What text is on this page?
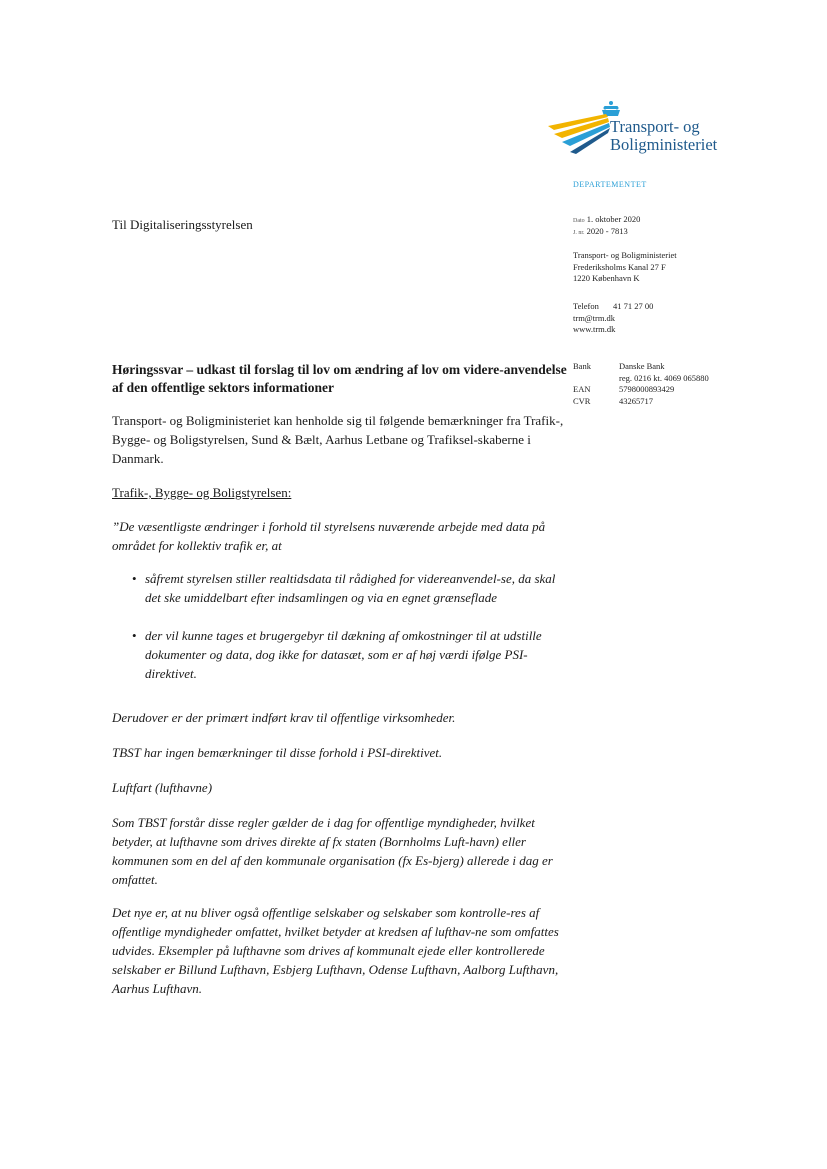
Transport- og
Boligministeriet
DEPARTEMENTET
Til Digitaliseringsstyrelsen	Dato 1. oktober 2020
J. nr. 2020 - 7813
Transport- og Boligministeriet
Frederiksholms Kanal 27 F
1220 København K
Telefon 41 71 27 00
trm@trm.dk
www.trm.dk
Bank	Danske Bank
reg. 0216 kt. 4069 065880
EAN	5798000893429
CVR	43265717
Høringssvar – udkast til forslag til lov om ændring af lov om videre-anvendelse af den offentlige sektors informationer
Transport- og Boligministeriet kan henholde sig til følgende bemærkninger fra Trafik-, Bygge- og Boligstyrelsen, Sund & Bælt, Aarhus Letbane og Trafiksel-skaberne i Danmark.
Trafik-, Bygge- og Boligstyrelsen:
”De væsentligste ændringer i forhold til styrelsens nuværende arbejde med data på området for kollektiv trafik er, at
• såfremt styrelsen stiller realtidsdata til rådighed for videreanvendel-se, da skal det ske umiddelbart efter indsamlingen og via en egnet grænseflade
• der vil kunne tages et brugergebyr til dækning af omkostninger til at udstille dokumenter og data, dog ikke for datasæt, som er af høj værdi ifølge PSI-direktivet.
Derudover er der primært indført krav til offentlige virksomheder.
TBST har ingen bemærkninger til disse forhold i PSI-direktivet.
Luftfart (lufthavne)
Som TBST forstår disse regler gælder de i dag for offentlige myndigheder, hvilket betyder, at lufthavne som drives direkte af fx staten (Bornholms Luft-havn) eller kommunen som en del af den kommunale organisation (fx Es-bjerg) allerede i dag er omfattet.
Det nye er, at nu bliver også offentlige selskaber og selskaber som kontrolle-res af offentlige myndigheder omfattet, hvilket betyder at kredsen af lufthav-ne som omfattes udvides. Eksempler på lufthavne som drives af kommunalt ejede eller kontrollerede selskaber er Billund Lufthavn, Esbjerg Lufthavn, Odense Lufthavn, Aalborg Lufthavn, Aarhus Lufthavn.
